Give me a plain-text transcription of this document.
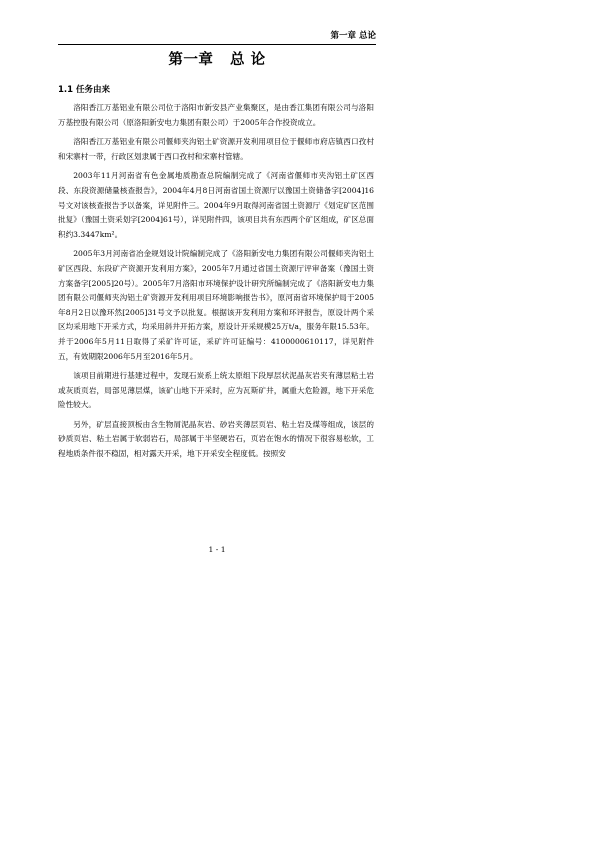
第一章 总论
第一章   总 论
1.1 任务由来

洛阳香江万基铝业有限公司位于洛阳市新安县产业集聚区，是由香江集团有限公司与洛阳万基控股有限公司（原洛阳新安电力集团有限公司）于2005年合作投资成立。

洛阳香江万基铝业有限公司偃师夹沟铝土矿资源开发利用项目位于偃师市府店镇西口孜村和宋寨村一带，行政区划隶属于西口孜村和宋寨村管辖。

2003年11月河南省有色金属地质勘查总院编制完成了《河南省偃师市夹沟铝土矿区西段、东段资源储量核查报告》，2004年4月8日河南省国土资源厅以豫国土资储备字[2004]16号文对该核查报告予以备案，详见附件三。2004年9月取得河南省国土资源厅《划定矿区范围批复》（豫国土资采划字[2004]61号），详见附件四，该项目共有东西两个矿区组成，矿区总面积约3.3447km²。

2005年3月河南省冶金规划设计院编制完成了《洛阳新安电力集团有限公司偃师夹沟铝土矿区西段、东段矿产资源开发利用方案》，2005年7月通过省国土资源厅评审备案（豫国土资方案备字[2005]20号）。2005年7月洛阳市环境保护设计研究所编制完成了《洛阳新安电力集团有限公司偃师夹沟铝土矿资源开发利用项目环境影响报告书》，原河南省环境保护局于2005年8月2日以豫环然[2005]31号文予以批复。根据该开发利用方案和环评报告，原设计两个采区均采用地下开采方式，均采用斜井开拓方案，原设计开采规模25万t/a，服务年限15.53年。并于2006年5月11日取得了采矿许可证，采矿许可证编号：4100000610117，详见附件五，有效期限2006年5月至2016年5月。

该项目前期进行基建过程中，发现石炭系上统太原组下段厚层状泥晶灰岩夹有薄层粘土岩或灰质页岩，局部见薄层煤，该矿山地下开采时，应为瓦斯矿井，属重大危险源，地下开采危险性较大。

另外，矿层直接顶板由含生物屑泥晶灰岩、砂岩夹薄层页岩、粘土岩及煤等组成，该层的砂质页岩、粘土岩属于软弱岩石，局部属于半坚硬岩石，页岩在饱水的情况下很容易松软，工程地质条件很不稳固，相对露天开采，地下开采安全程度低。按照安

1 - 1
